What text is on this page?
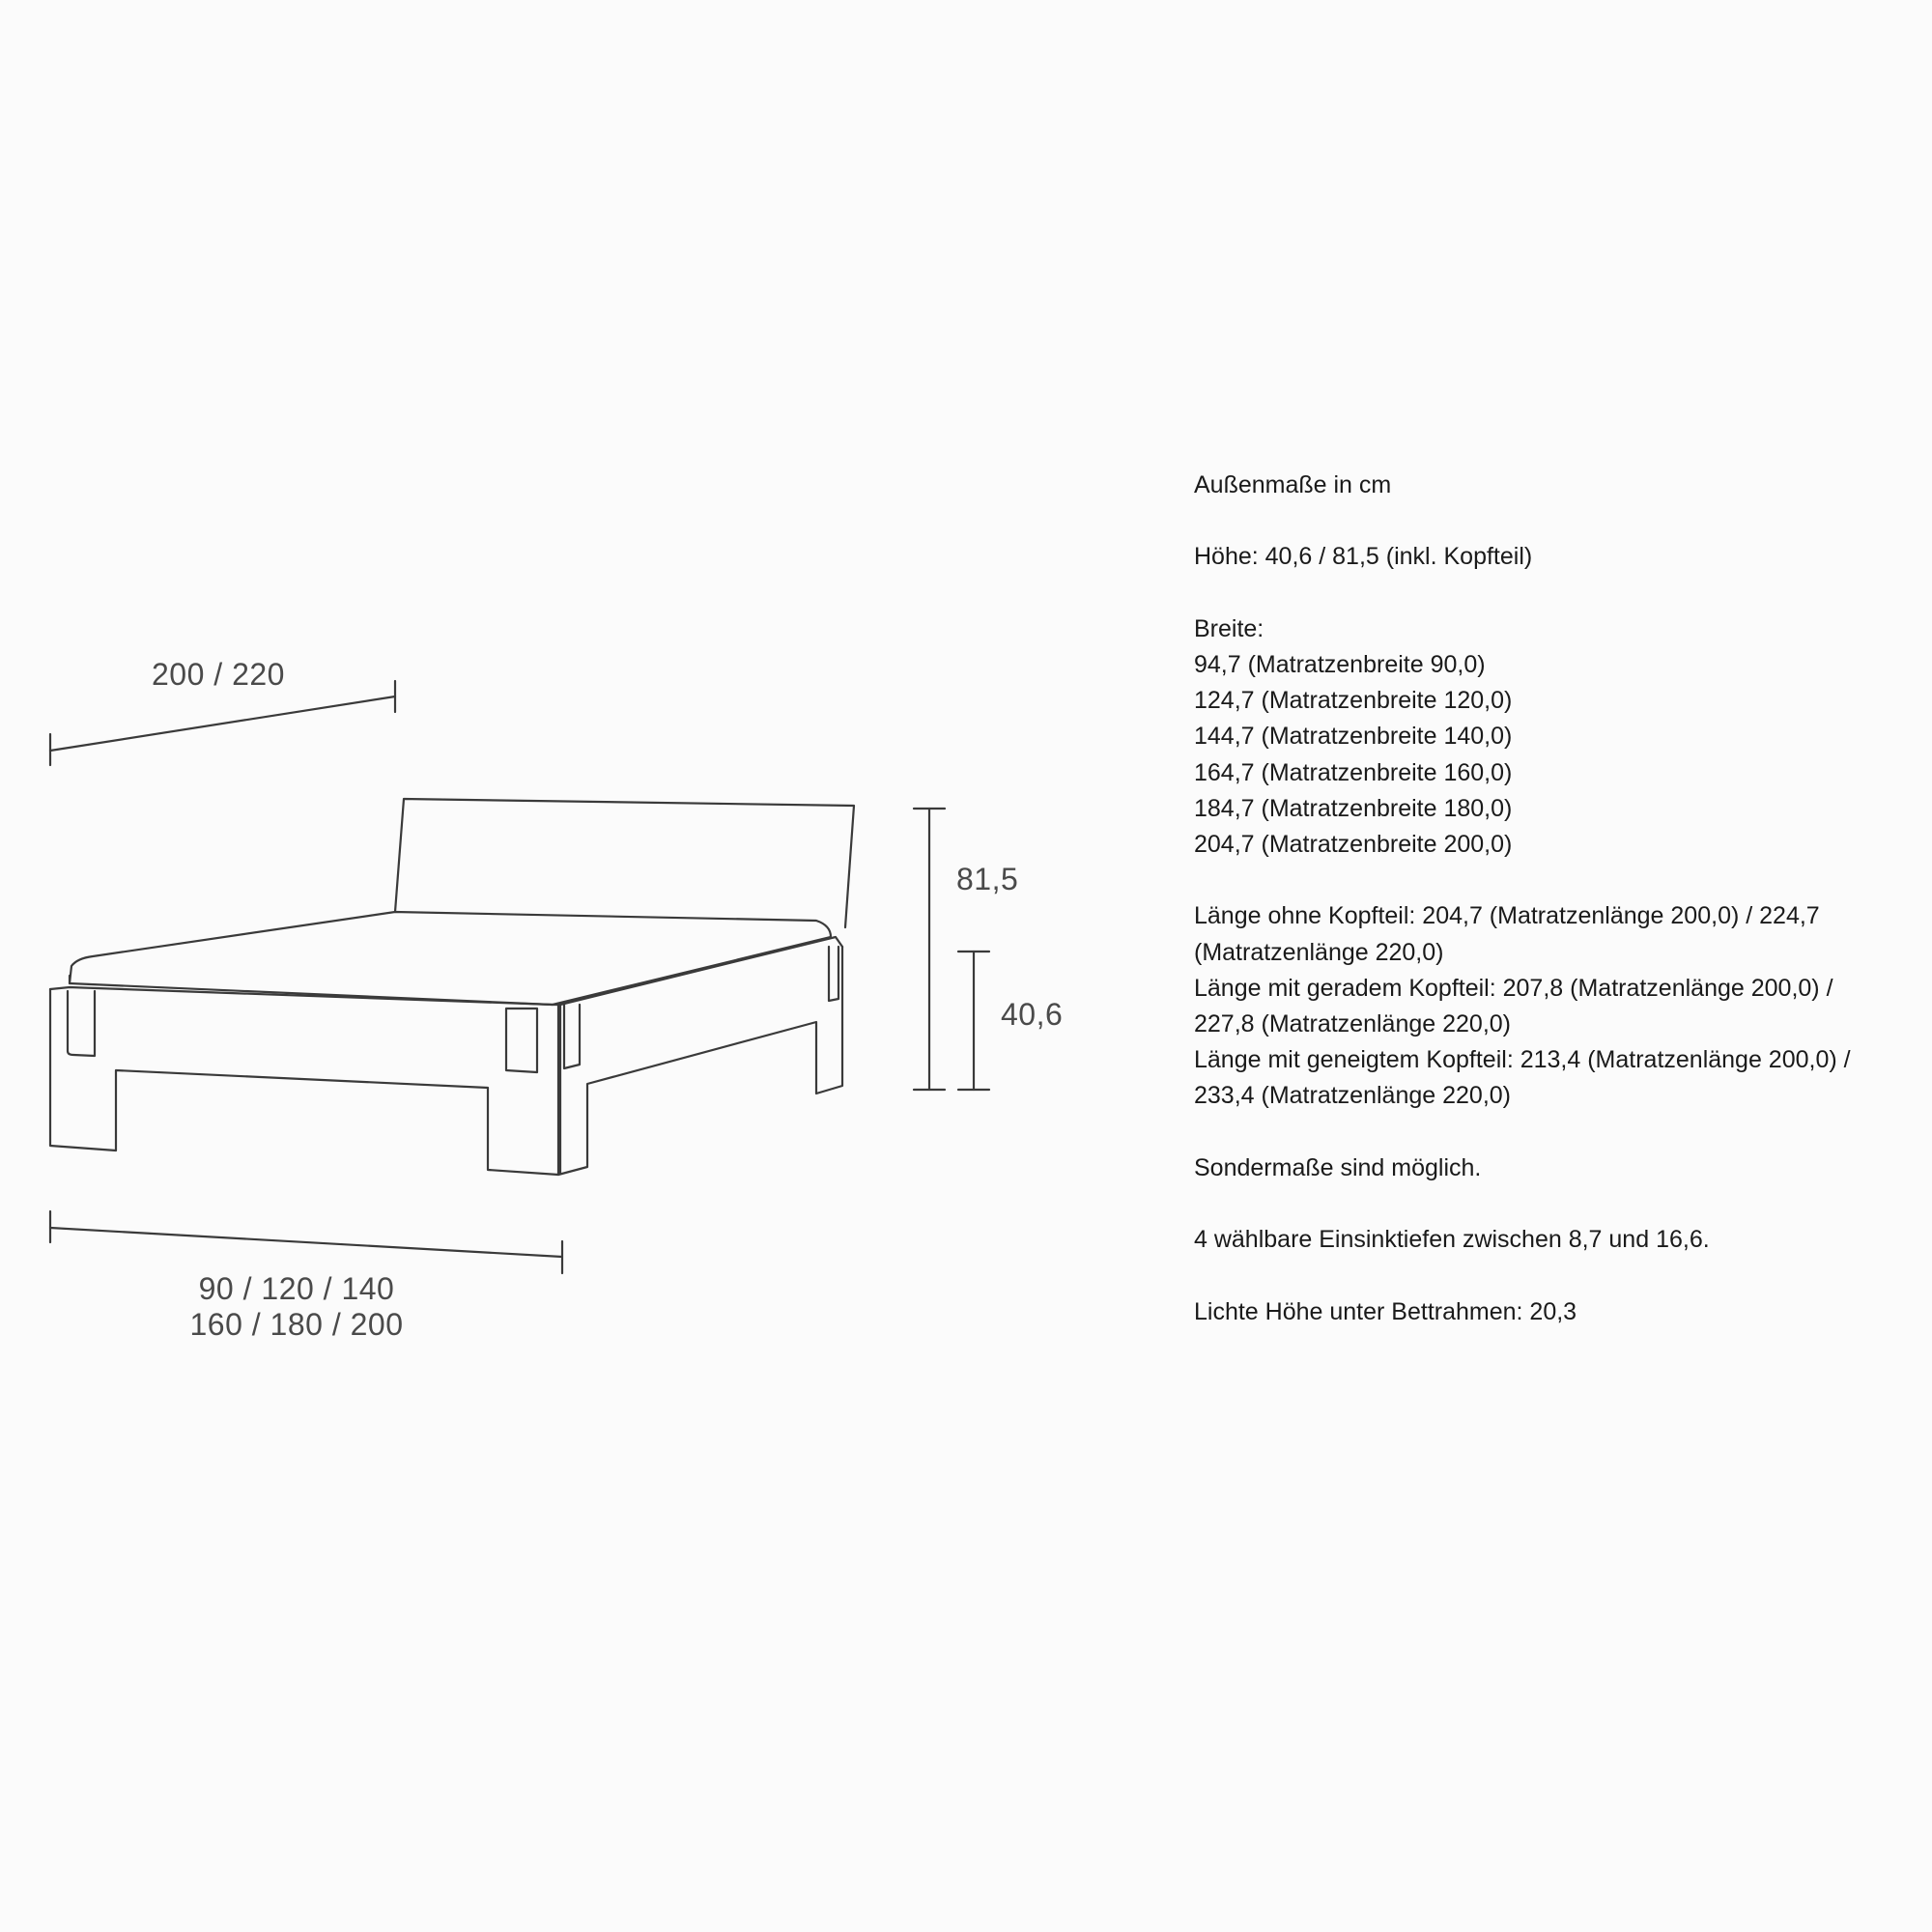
200 / 220
81,5
40,6
90 / 120 / 140
160 / 180 / 200

Außenmaße in cm

Höhe: 40,6 / 81,5 (inkl. Kopfteil)

Breite:
94,7 (Matratzenbreite 90,0)
124,7 (Matratzenbreite 120,0)
144,7 (Matratzenbreite 140,0)
164,7 (Matratzenbreite 160,0)
184,7 (Matratzenbreite 180,0)
204,7 (Matratzenbreite 200,0)

Länge ohne Kopfteil: 204,7 (Matratzenlänge 200,0) / 224,7
(Matratzenlänge 220,0)
Länge mit geradem Kopfteil: 207,8 (Matratzenlänge 200,0) /
227,8 (Matratzenlänge 220,0)
Länge mit geneigtem Kopfteil: 213,4 (Matratzenlänge 200,0) /
233,4 (Matratzenlänge 220,0)

Sondermaße sind möglich.

4 wählbare Einsinktiefen zwischen 8,7 und 16,6.

Lichte Höhe unter Bettrahmen: 20,3
